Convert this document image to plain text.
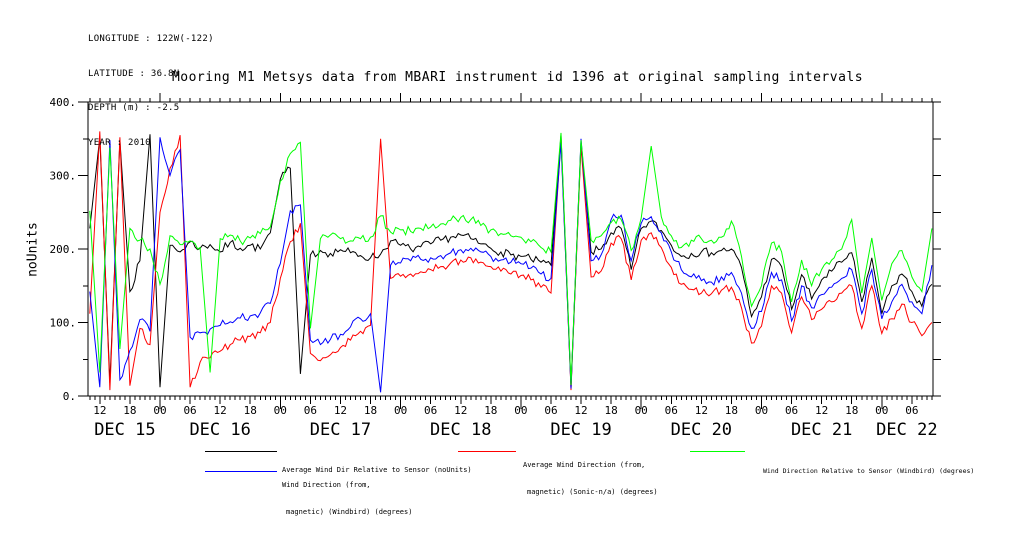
12 18 00 06 12 18 00 06 12 18 00 06 12 18 00 06 12 18 00 06 12 18 00 06 12 18 00 06
DEC 15 DEC 16	DEC 17	DEC 18	DEC 19	DEC 20	DEC 21 DEC 22
0.
100.
200.
300.
400.

LONGITUDE : 122W(-122)

LATITUDE : 36.8N

DEPTH (m) : -2.5

YEAR : 2010

Mooring M1 Metsys data from MBARI instrument id 1396 at original sampling intervals
noUnits

Average Wind Dir Relative to Sensor (noUnits)

Average Wind Direction (from,

magnetic) (Sonic-n/a) (degrees)

Wind Direction Relative to Sensor (Windbird) (degrees)

Wind Direction (from,

magnetic) (Windbird) (degrees)
